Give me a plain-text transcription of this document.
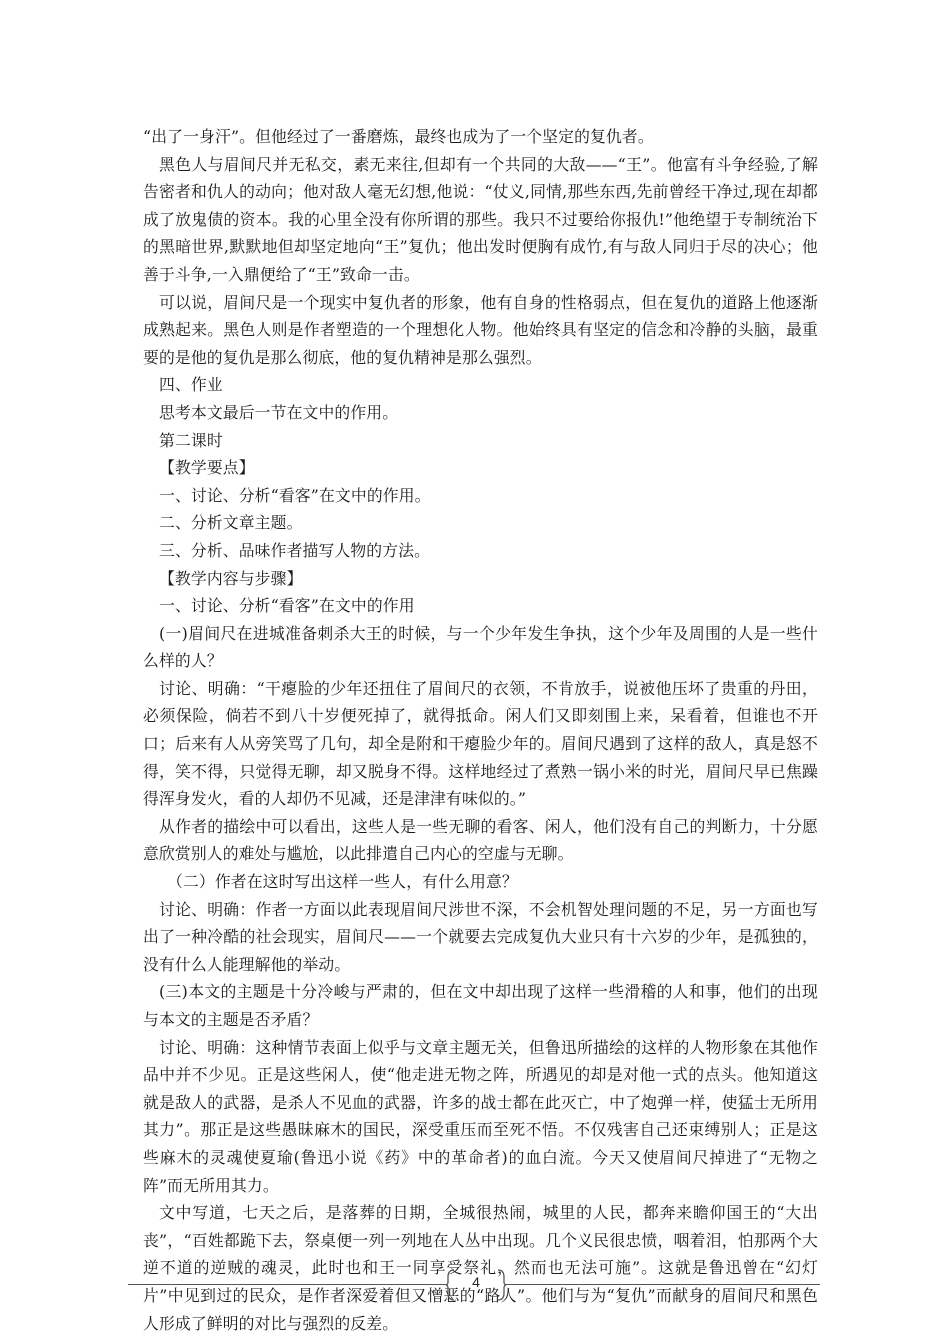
“出了一身汗”。但他经过了一番磨炼，最终也成为了一个坚定的复仇者。

黑色人与眉间尺并无私交，素无来往,但却有一个共同的大敌——“王”。他富有斗争经验,了解告密者和仇人的动向；他对敌人毫无幻想,他说：“仗义,同情,那些东西,先前曾经干净过,现在却都成了放鬼债的资本。我的心里全没有你所谓的那些。我只不过要给你报仇!”他绝望于专制统治下的黑暗世界,默默地但却坚定地向“王”复仇；他出发时便胸有成竹,有与敌人同归于尽的决心；他善于斗争,一入鼎便给了“王”致命一击。

可以说，眉间尺是一个现实中复仇者的形象，他有自身的性格弱点，但在复仇的道路上他逐渐成熟起来。黑色人则是作者塑造的一个理想化人物。他始终具有坚定的信念和冷静的头脑，最重要的是他的复仇是那么彻底，他的复仇精神是那么强烈。

四、作业

思考本文最后一节在文中的作用。

第二课时

【教学要点】

一、讨论、分析“看客”在文中的作用。

二、分析文章主题。

三、分析、品味作者描写人物的方法。

【教学内容与步骤】

一、讨论、分析“看客”在文中的作用

(一)眉间尺在进城准备刺杀大王的时候，与一个少年发生争执，这个少年及周围的人是一些什么样的人？

讨论、明确：“干瘪脸的少年还扭住了眉间尺的衣领，不肯放手，说被他压坏了贵重的丹田，必须保险，倘若不到八十岁便死掉了，就得抵命。闲人们又即刻围上来，呆看着，但谁也不开口；后来有人从旁笑骂了几句，却全是附和干瘪脸少年的。眉间尺遇到了这样的敌人，真是怒不得，笑不得，只觉得无聊，却又脱身不得。这样地经过了煮熟一锅小米的时光，眉间尺早已焦躁得浑身发火，看的人却仍不见减，还是津津有味似的。”

从作者的描绘中可以看出，这些人是一些无聊的看客、闲人，他们没有自己的判断力，十分愿意欣赏别人的难处与尴尬，以此排遣自己内心的空虚与无聊。

（二）作者在这时写出这样一些人，有什么用意？

讨论、明确：作者一方面以此表现眉间尺涉世不深，不会机智处理问题的不足，另一方面也写出了一种冷酷的社会现实，眉间尺——一个就要去完成复仇大业只有十六岁的少年，是孤独的，没有什么人能理解他的举动。

(三)本文的主题是十分冷峻与严肃的，但在文中却出现了这样一些滑稽的人和事，他们的出现与本文的主题是否矛盾？

讨论、明确：这种情节表面上似乎与文章主题无关，但鲁迅所描绘的这样的人物形象在其他作品中并不少见。正是这些闲人，使“他走进无物之阵，所遇见的却是对他一式的点头。他知道这就是敌人的武器，是杀人不见血的武器，许多的战士都在此灭亡，中了炮弹一样，使猛士无所用其力”。那正是这些愚昧麻木的国民，深受重压而至死不悟。不仅残害自己还束缚别人；正是这些麻木的灵魂使夏瑜(鲁迅小说《药》中的革命者)的血白流。今天又使眉间尺掉进了“无物之阵”而无所用其力。

文中写道，七天之后，是落葬的日期，全城很热闹，城里的人民，都奔来瞻仰国王的“大出丧”，“百姓都跪下去，祭桌便一列一列地在人丛中出现。几个义民很忠愤，咽着泪，怕那两个大逆不道的逆贼的魂灵，此时也和王一同享受祭礼，然而也无法可施”。这就是鲁迅曾在“幻灯片”中见到过的民众，是作者深爱着但又憎恶的“路人”。他们与为“复仇”而献身的眉间尺和黑色人形成了鲜明的对比与强烈的反差。

4
